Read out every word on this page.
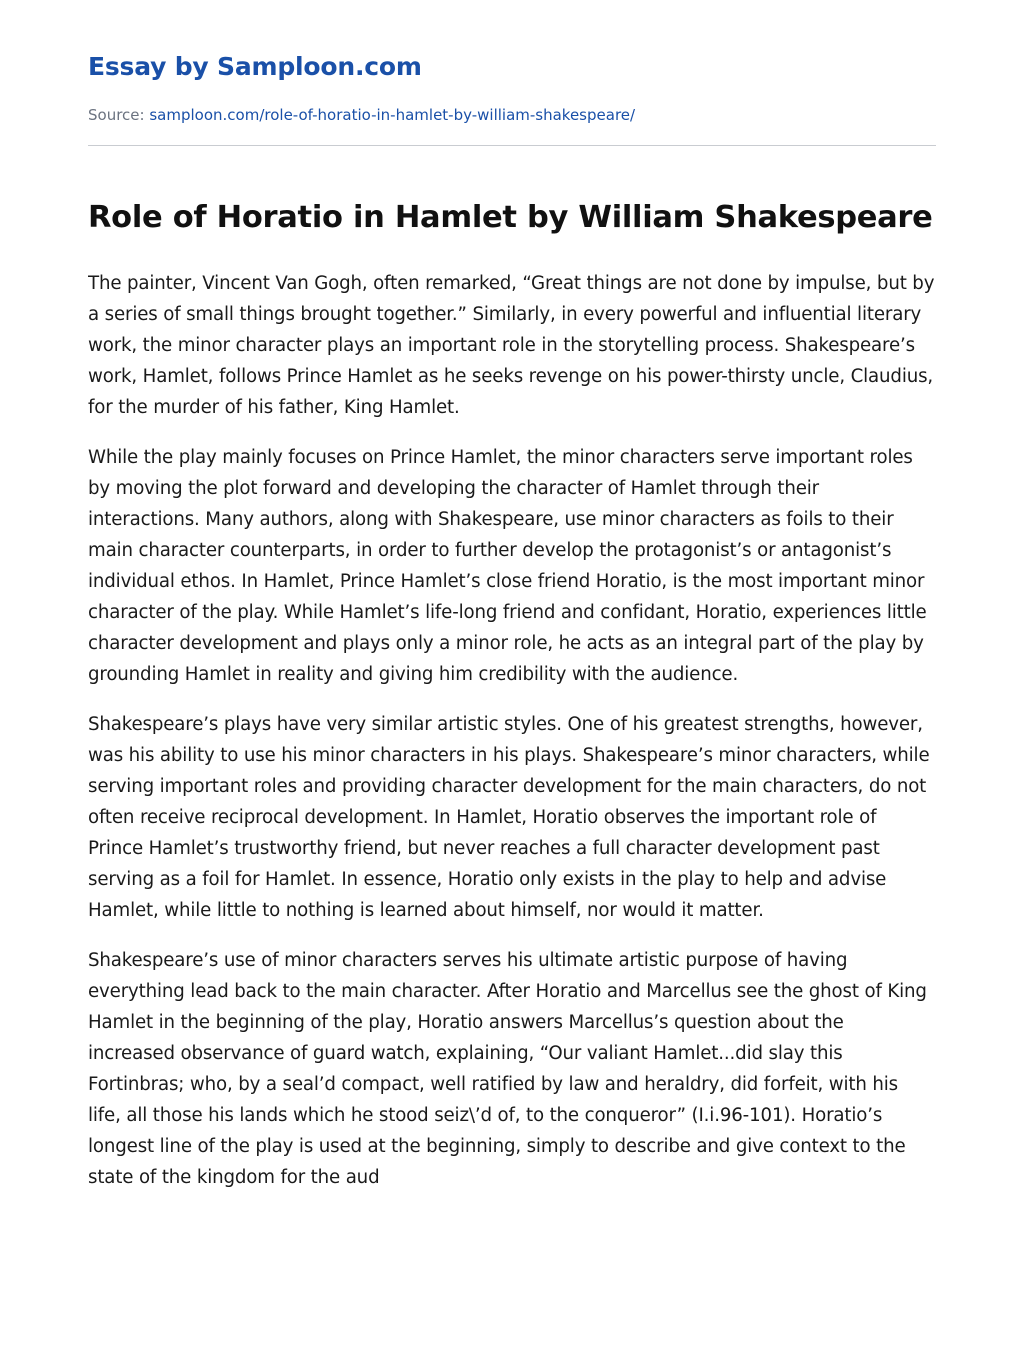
Essay by Samploon.com
Source: samploon.com/role-of-horatio-in-hamlet-by-william-shakespeare/
Role of Horatio in Hamlet by William Shakespeare

The painter, Vincent Van Gogh, often remarked, “Great things are not done by impulse, but by a series of small things brought together.” Similarly, in every powerful and influential literary work, the minor character plays an important role in the storytelling process. Shakespeare’s work, Hamlet, follows Prince Hamlet as he seeks revenge on his power-thirsty uncle, Claudius, for the murder of his father, King Hamlet.

While the play mainly focuses on Prince Hamlet, the minor characters serve important roles by moving the plot forward and developing the character of Hamlet through their interactions. Many authors, along with Shakespeare, use minor characters as foils to their main character counterparts, in order to further develop the protagonist’s or antagonist’s individual ethos. In Hamlet, Prince Hamlet’s close friend Horatio, is the most important minor character of the play. While Hamlet’s life-long friend and confidant, Horatio, experiences little character development and plays only a minor role, he acts as an integral part of the play by grounding Hamlet in reality and giving him credibility with the audience.

Shakespeare’s plays have very similar artistic styles. One of his greatest strengths, however, was his ability to use his minor characters in his plays. Shakespeare’s minor characters, while serving important roles and providing character development for the main characters, do not often receive reciprocal development. In Hamlet, Horatio observes the important role of Prince Hamlet’s trustworthy friend, but never reaches a full character development past serving as a foil for Hamlet. In essence, Horatio only exists in the play to help and advise Hamlet, while little to nothing is learned about himself, nor would it matter.

Shakespeare’s use of minor characters serves his ultimate artistic purpose of having everything lead back to the main character. After Horatio and Marcellus see the ghost of King Hamlet in the beginning of the play, Horatio answers Marcellus’s question about the increased observance of guard watch, explaining, “Our valiant Hamlet...did slay this Fortinbras; who, by a seal’d compact, well ratified by law and heraldry, did forfeit, with his life, all those his lands which he stood seiz\’d of, to the conqueror” (I.i.96-101). Horatio’s longest line of the play is used at the beginning, simply to describe and give context to the state of the kingdom for the aud
